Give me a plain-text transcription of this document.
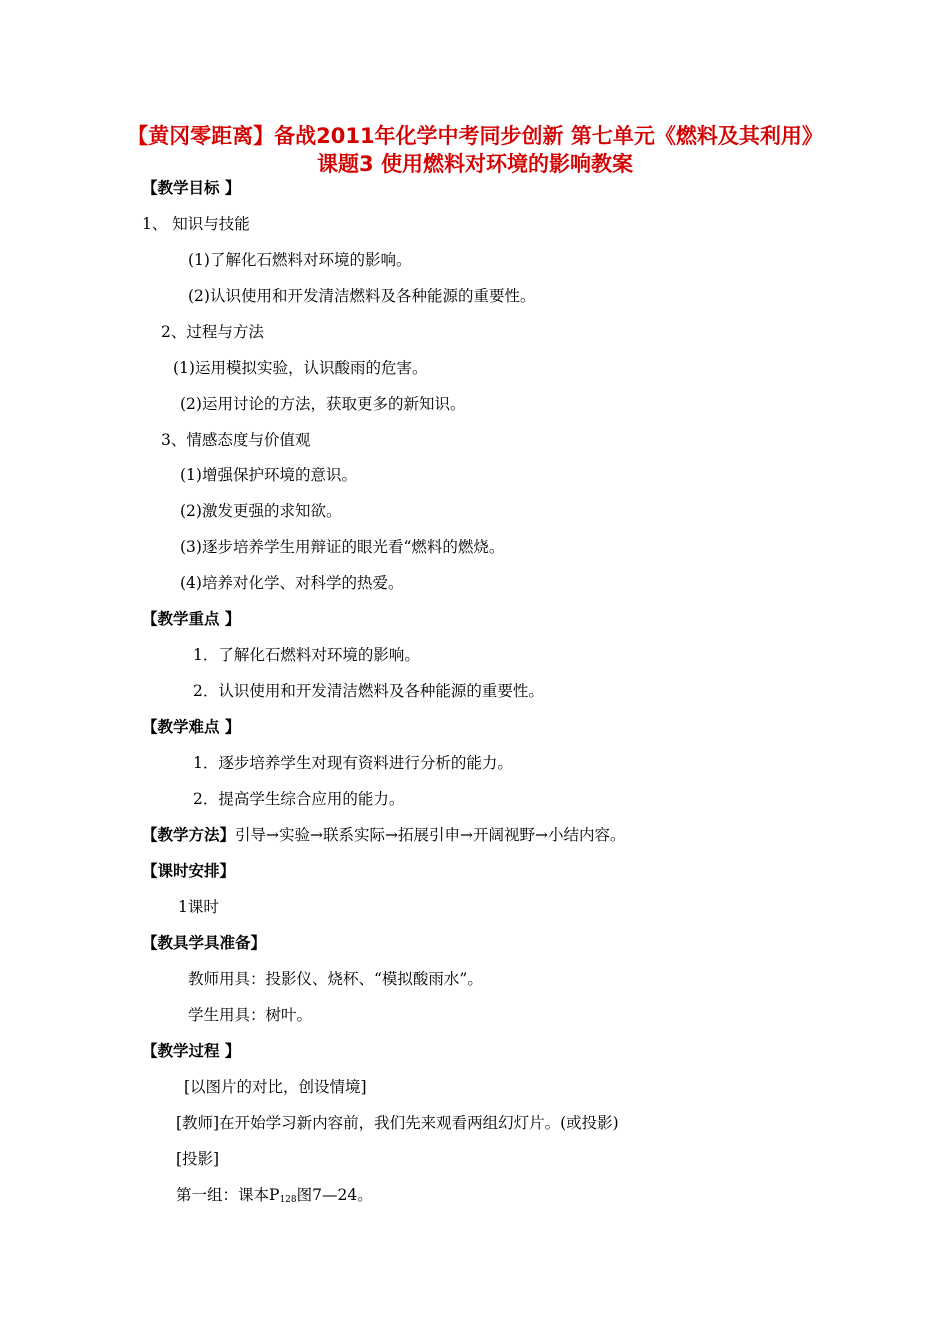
【黄冈零距离】备战2011年化学中考同步创新 第七单元《燃料及其利用》课题3 使用燃料对环境的影响教案
【教学目标 】
1、 知识与技能
(1)了解化石燃料对环境的影响。
(2)认识使用和开发清洁燃料及各种能源的重要性。
2、过程与方法
(1)运用模拟实验，认识酸雨的危害。
(2)运用讨论的方法，获取更多的新知识。
3、情感态度与价值观
(1)增强保护环境的意识。
(2)激发更强的求知欲。
(3)逐步培养学生用辩证的眼光看“燃料的燃烧。
(4)培养对化学、对科学的热爱。
【教学重点 】
1．了解化石燃料对环境的影响。
2．认识使用和开发清洁燃料及各种能源的重要性。
【教学难点 】
1．逐步培养学生对现有资料进行分析的能力。
2．提高学生综合应用的能力。
【教学方法】引导→实验→联系实际→拓展引申→开阔视野→小结内容。
【课时安排】
1课时
【教具学具准备】
教师用具：投影仪、烧杯、“模拟酸雨水”。
学生用具：树叶。
【教学过程 】
[以图片的对比，创设情境]
[教师]在开始学习新内容前，我们先来观看两组幻灯片。(或投影)
[投影]
第一组：课本$P_{128}$图7—24。
